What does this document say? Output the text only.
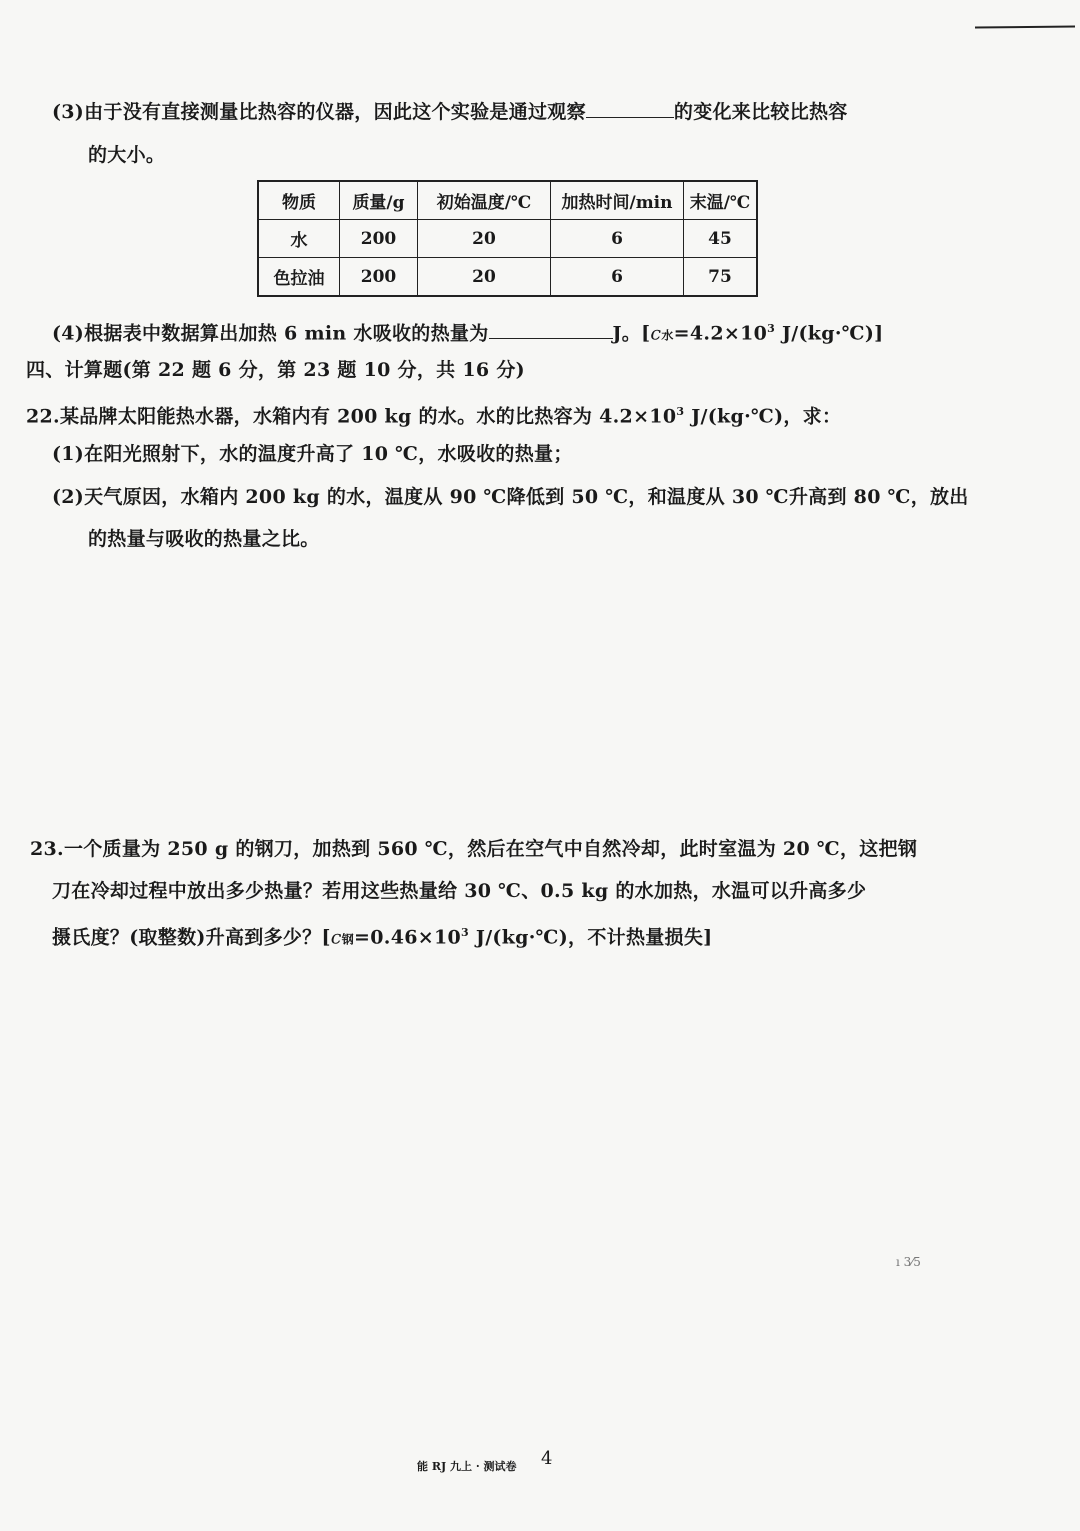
(3)由于没有直接测量比热容的仪器，因此这个实验是通过观察	的变化来比较比热容
的大小。
物质	质量/g	初始温度/℃	加热时间/min	末温/℃
水	200	20	6	45
色拉油	200	20	6	75
(4)根据表中数据算出加热 6 min 水吸收的热量为	J。[c水$=4.2\times 10^3$ J/(kg·℃)]
四、计算题(第 22 题 6 分，第 23 题 10 分，共 16 分)
22.某品牌太阳能热水器，水箱内有 200 kg 的水。水的比热容为 $4.2\times 10^3$ J/(kg·℃)，求：
(1)在阳光照射下，水的温度升高了 10 ℃，水吸收的热量；
(2)天气原因，水箱内 200 kg 的水，温度从 90 ℃降低到 50 ℃，和温度从 30 ℃升高到 80 ℃，放出
的热量与吸收的热量之比。
23.一个质量为 250 g 的钢刀，加热到 560 ℃，然后在空气中自然冷却，此时室温为 20 ℃，这把钢
刀在冷却过程中放出多少热量？若用这些热量给 30 ℃、0.5 kg 的水加热，水温可以升高多少
摄氏度？(取整数)升高到多少？[c钢$=0.46\times 10^3$ J/(kg·℃)，不计热量损失]
ı 3⁄5
能 RJ 九上 · 测试卷 4
